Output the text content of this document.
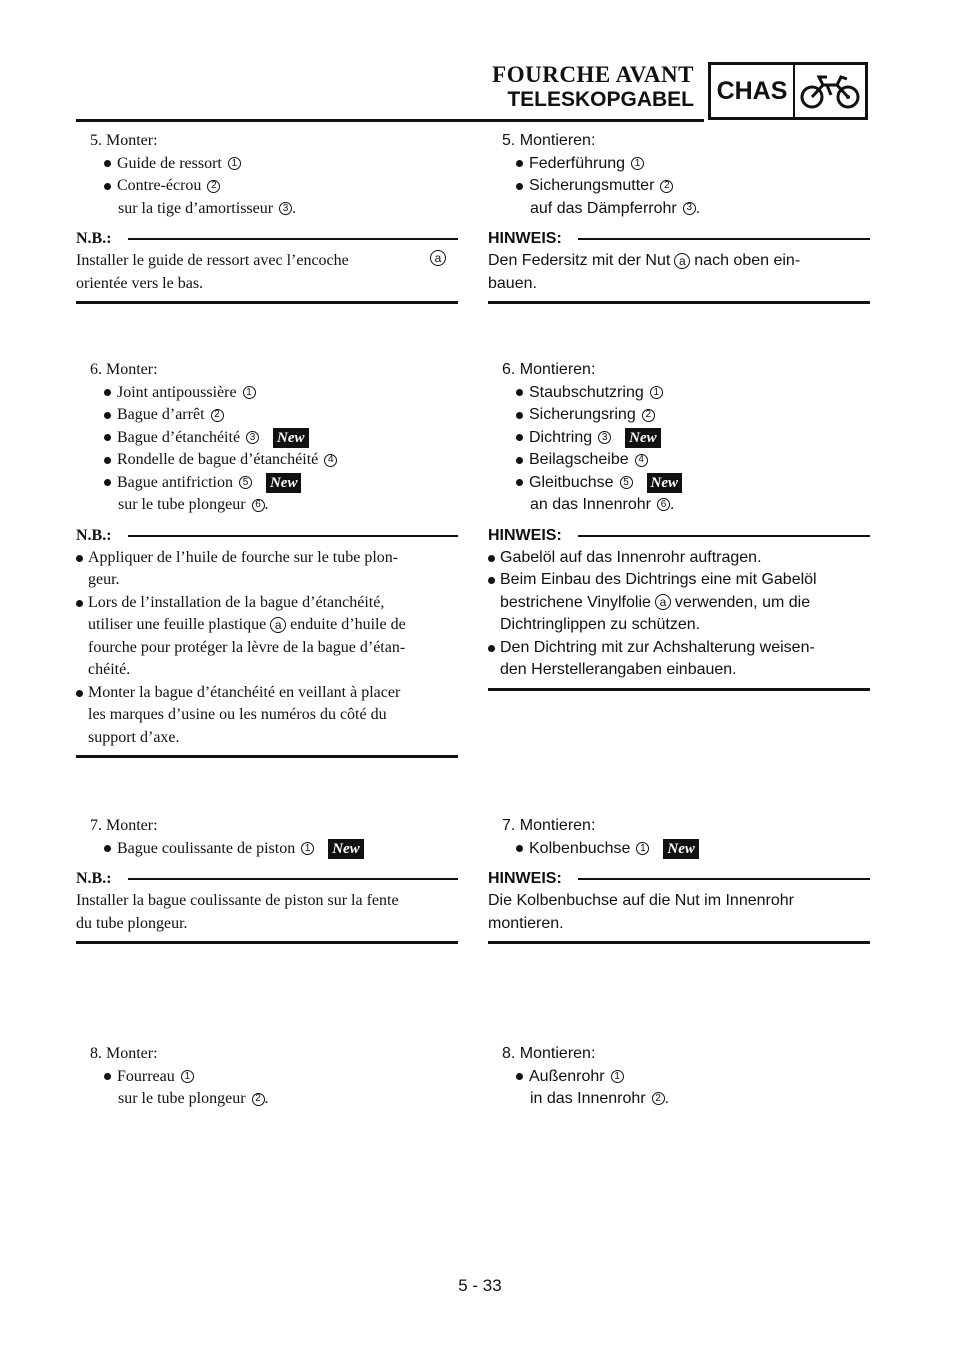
FOURCHE AVANT
TELESKOPGABEL CHAS
5. Monter:
Guide de ressort 1
Contre-écrou 2
sur la tige d’amortisseur 3 .
N.B.:
Installer le guide de ressort avec l’encoche	a
orientée vers le bas.
6. Monter:
Joint antipoussière 1
Bague d’arrêt 2
Bague d’étanchéité 3 New
Rondelle de bague d’étanchéité 4
Bague antifriction 5 New
sur le tube plongeur 6 .
N.B.:
Appliquer de l’huile de fourche sur le tube plon-
geur.
Lors de l’installation de la bague d’étanchéité,
utiliser une feuille plastique a enduite d’huile de
fourche pour protéger la lèvre de la bague d’étan-
chéité.
Monter la bague d’étanchéité en veillant à placer
les marques d’usine ou les numéros du côté du
support d’axe.
7. Monter:
Bague coulissante de piston 1 New
N.B.:
Installer la bague coulissante de piston sur la fente
du tube plongeur.
8. Monter:
Fourreau 1
sur le tube plongeur 2 .
5. Montieren:
Federführung 1
Sicherungsmutter 2
auf das Dämpferrohr 3 .
HINWEIS:
Den Federsitz mit der Nut a nach oben ein-
bauen.
6. Montieren:
Staubschutzring 1
Sicherungsring 2
Dichtring 3 New
Beilagscheibe 4
Gleitbuchse 5 New
an das Innenrohr 6 .
HINWEIS:
Gabelöl auf das Innenrohr auftragen.
Beim Einbau des Dichtrings eine mit Gabelöl
bestrichene Vinylfolie a verwenden, um die
Dichtringlippen zu schützen.
Den Dichtring mit zur Achshalterung weisen-
den Herstellerangaben einbauen.
7. Montieren:
Kolbenbuchse 1 New
HINWEIS:
Die Kolbenbuchse auf die Nut im Innenrohr
montieren.
8. Montieren:
Außenrohr 1
in das Innenrohr 2 .
5 - 33
